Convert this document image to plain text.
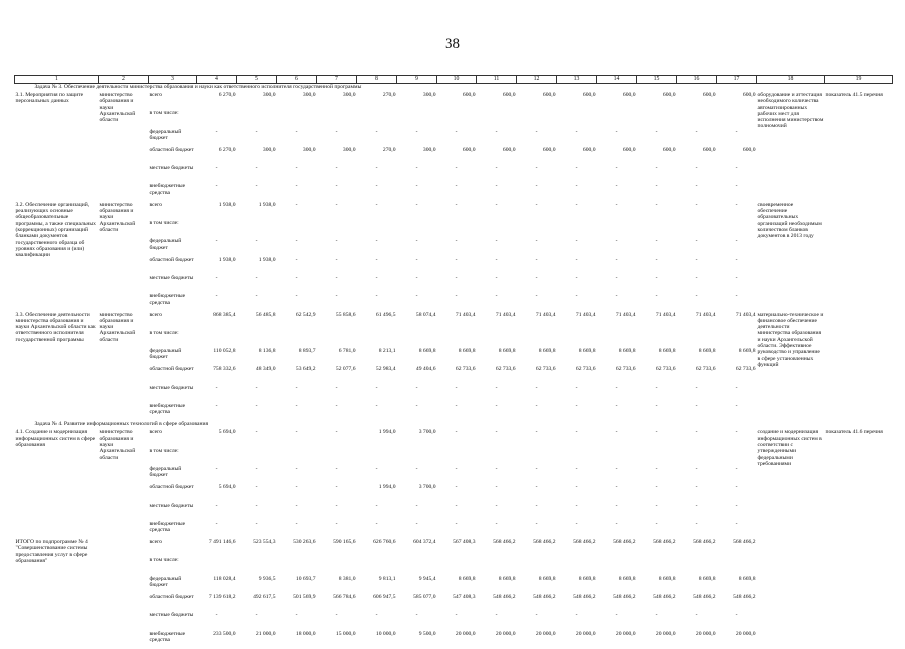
38
1	2	3	4	5	6	7	8	9	10	11	12	13	14	15	16	17	18	19
Задача № 3. Обеспечение деятельности министерства образования и науки как ответственного исполнителя государственной программы																		
3.1. Мероприятия по защите персональных данных	министерство образования и науки Архангельской области	всего	6 270,0	300,0	300,0	300,0	270,0	300,0	600,0	600,0	600,0	600,0	600,0	600,0	600,0	600,0	оборудование и аттестация необходимого количества автоматизированных рабочих мест для исполнения министерством полномочий	показатель 41.5 перечня
		в том числе:																
		федеральный бюджет	-	-	-	-	-	-	-	-	-	-	-	-	-	-		
		областной бюджет	6 270,0	300,0	300,0	300,0	270,0	300,0	600,0	600,0	600,0	600,0	600,0	600,0	600,0	600,0		
		местные бюджеты	-	-	-	-	-	-	-	-	-	-	-	-	-	-		
		внебюджетные средства	-	-	-	-	-	-	-	-	-	-	-	-	-	-		
3.2. Обеспечение организаций, реализующих основные общеобразовательные программы, а также специальных (коррекционных) организаций бланками документов государственного образца об уровнях образования и (или) квалификации	министерство образования и науки Архангельской области	всего	1 938,0	1 938,0	-	-	-	-	-	-	-	-	-	-	-	-	своевременное обеспечение образовательных организаций необходимым количеством бланков документов в 2013 году	
		в том числе:																
		федеральный бюджет	-	-	-	-	-	-	-	-	-	-	-	-	-	-		
		областной бюджет	1 938,0	1 938,0	-	-	-	-	-	-	-	-	-	-	-	-		
		местные бюджеты	-	-	-	-	-	-	-	-	-	-	-	-	-	-		
		внебюджетные средства	-	-	-	-	-	-	-	-	-	-	-	-	-	-		
3.3. Обеспечение деятельности министерства образования и науки Архангельской области как ответственного исполнителя государственной программы	министерство образования и науки Архангельской области	всего	868 385,4	56 485,8	62 542,9	55 858,6	61 496,5	58 074,4	71 403,4	71 403,4	71 403,4	71 403,4	71 403,4	71 403,4	71 403,4	71 403,4	материально-техническое и финансовое обеспечение деятельности министерства образования и науки Архангельской области. Эффективное руководство и управление в сфере установленных функций	
		в том числе:																
		федеральный бюджет	110 052,8	8 136,8	8 893,7	6 781,0	8 213,1	8 669,8	8 669,8	8 669,8	8 669,8	8 669,8	8 669,8	8 669,8	8 669,8	8 669,8		
		областной бюджет	758 332,6	48 349,0	53 649,2	52 077,6	52 983,4	49 404,6	62 733,6	62 733,6	62 733,6	62 733,6	62 733,6	62 733,6	62 733,6	62 733,6		
		местные бюджеты	-	-	-	-	-	-	-	-	-	-	-	-	-	-		
		внебюджетные средства	-	-	-	-	-	-	-	-	-	-	-	-	-	-		
Задача № 4. Развитие информационных технологий в сфере образования																		
4.1. Создание и модернизация информационных систем в сфере образования	министерство образования и науки Архангельской области	всего	5 694,0	-	-	-	1 994,0	3 700,0	-	-	-	-	-	-	-	-	создание и модернизация информационных систем в соответствии с утвержденными федеральными требованиями	показатель 41.6 перечня
		в том числе:																
		федеральный бюджет	-	-	-	-	-	-	-	-	-	-	-	-	-	-		
		областной бюджет	5 694,0	-	-	-	1 994,0	3 700,0	-	-	-	-	-	-	-	-		
		местные бюджеты	-	-	-	-	-	-	-	-	-	-	-	-	-	-		
		внебюджетные средства	-	-	-	-	-	-	-	-	-	-	-	-	-	-		
ИТОГО по подпрограмме № 4 "Совершенствование системы предоставления услуг в сфере образования"		всего	7 491 146,6	523 554,3	530 263,6	590 165,6	626 760,6	604 372,4	567 408,3	568 466,2	568 466,2	568 466,2	568 466,2	568 466,2	568 466,2	568 466,2		
		в том числе:																
		федеральный бюджет	118 028,4	9 936,5	10 693,7	8 381,0	9 813,1	9 945,4	8 669,8	8 669,8	8 669,8	8 669,8	8 669,8	8 669,8	8 669,8	8 669,8		
		областной бюджет	7 139 618,2	492 617,5	501 569,9	566 784,6	606 947,5	585 077,0	547 408,3	548 466,2	548 466,2	548 466,2	548 466,2	548 466,2	548 466,2	548 466,2		
		местные бюджеты	-	-	-	-	-	-	-	-	-	-	-	-	-	-		
		внебюджетные средства	233 500,0	21 000,0	18 000,0	15 000,0	10 000,0	9 500,0	20 000,0	20 000,0	20 000,0	20 000,0	20 000,0	20 000,0	20 000,0	20 000,0		
